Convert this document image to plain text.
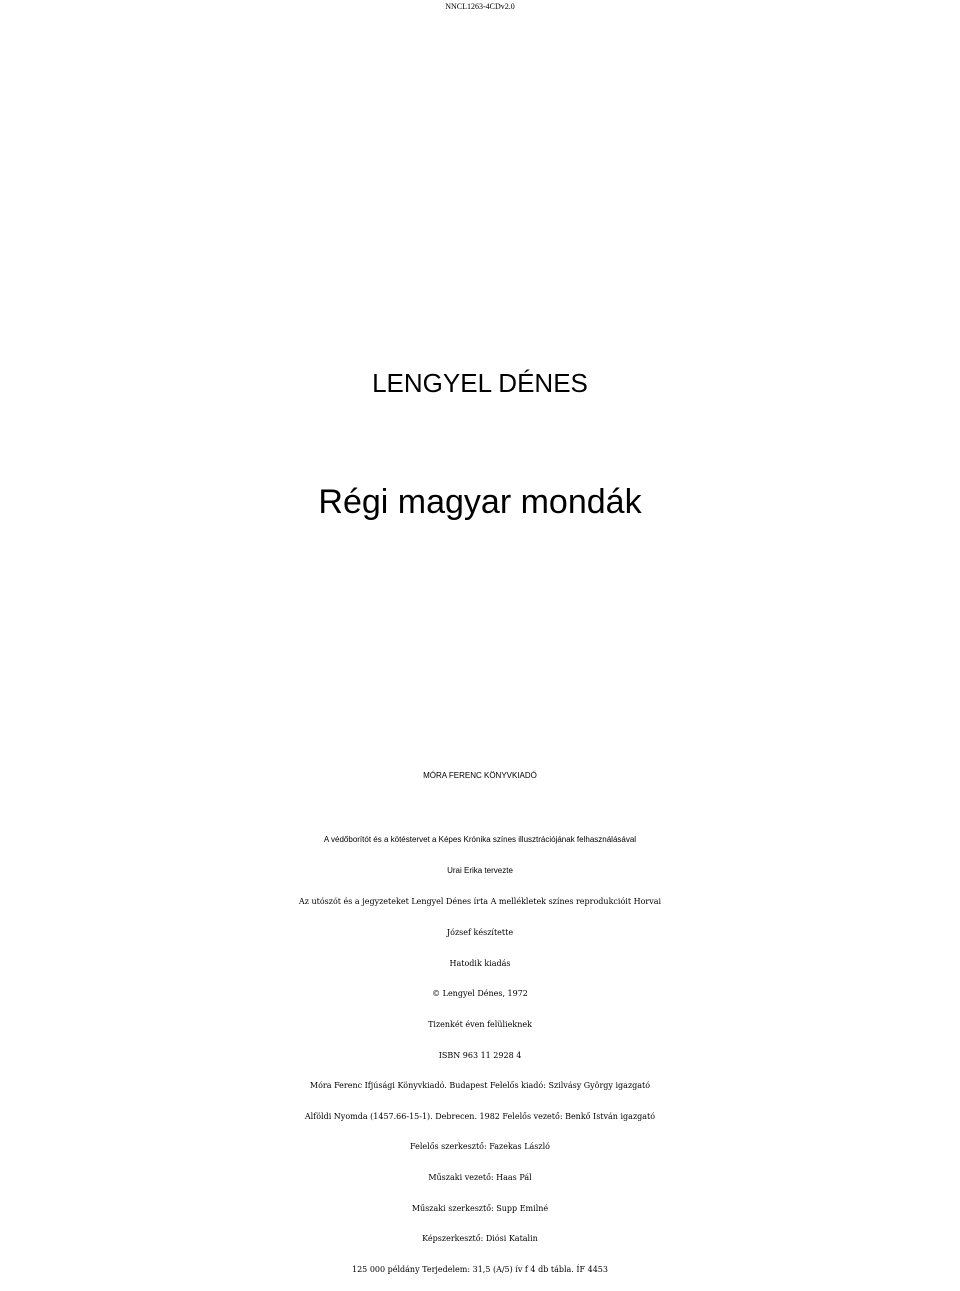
NNCL1263-4CDv2.0
LENGYEL DÉNES
Régi magyar mondák
MÓRA FERENC KÖNYVKIADÓ
A védőborítót és a kötéstervet a Képes Krónika színes illusztrációjának felhasználásával
Urai Erika tervezte
Az utószót és a jegyzeteket Lengyel Dénes írta A mellékletek színes reprodukcióit Horvai
József készítette
Hatodik kiadás
© Lengyel Dénes, 1972
Tizenkét éven felülieknek
ISBN 963 11 2928 4
Móra Ferenc Ifjúsági Könyvkiadó. Budapest Felelős kiadó: Szilvásy György igazgató
Alföldi Nyomda (1457.66-15-1). Debrecen. 1982 Felelős vezető: Benkő István igazgató
Felelős szerkesztő: Fazekas László
Műszaki vezető: Haas Pál
Műszaki szerkesztő: Supp Emilné
Képszerkesztő: Diósi Katalin
125 000 példány Terjedelem: 31,5 (A/5) ív f 4 db tábla. ÍF 4453
